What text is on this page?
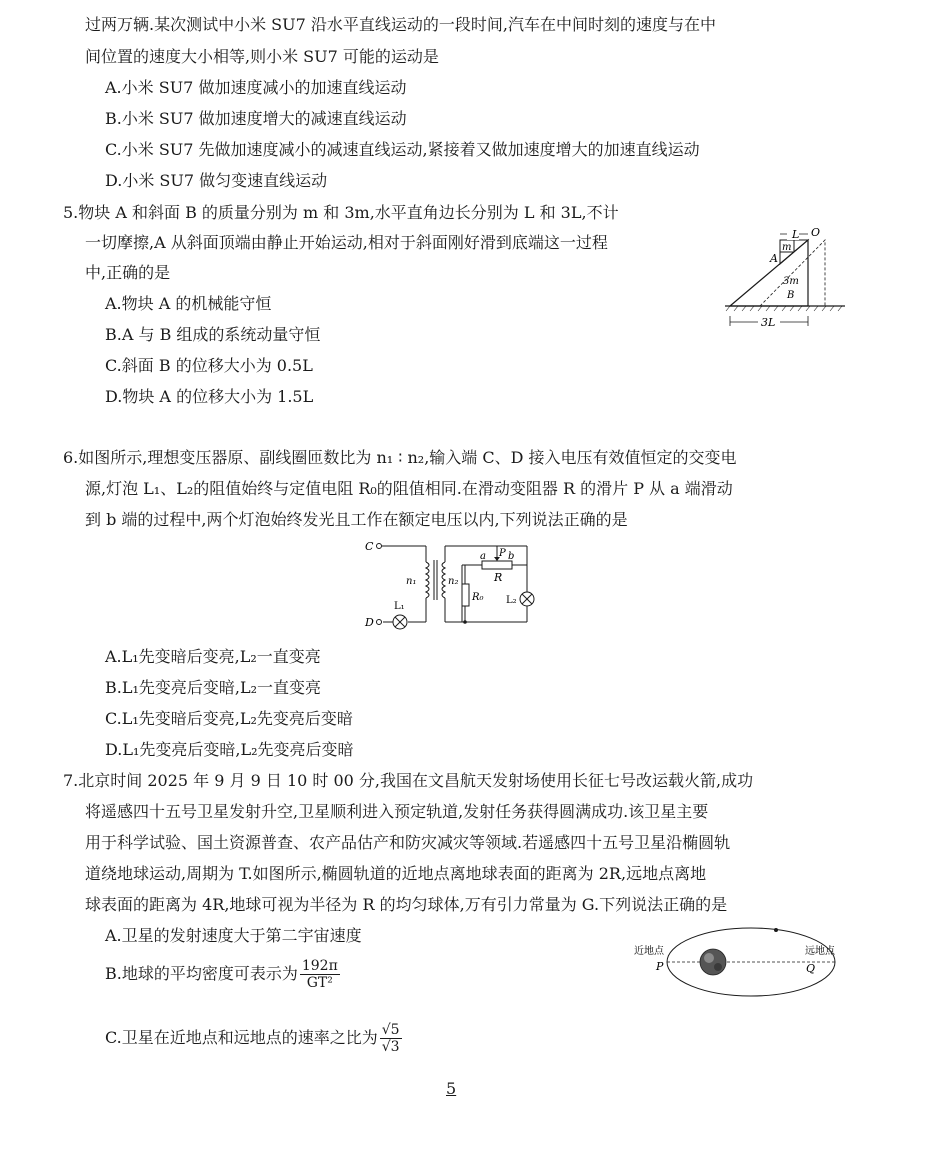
过两万辆.某次测试中小米 SU7 沿水平直线运动的一段时间,汽车在中间时刻的速度与在中
间位置的速度大小相等,则小米 SU7 可能的运动是
A.小米 SU7 做加速度减小的加速直线运动
B.小米 SU7 做加速度增大的减速直线运动
C.小米 SU7 先做加速度减小的减速直线运动,紧接着又做加速度增大的加速直线运动
D.小米 SU7 做匀变速直线运动
5.物块 A 和斜面 B 的质量分别为 m 和 3m,水平直角边长分别为 L 和 3L,不计
一切摩擦,A 从斜面顶端由静止开始运动,相对于斜面刚好滑到底端这一过程
中,正确的是
A.物块 A 的机械能守恒
B.A 与 B 组成的系统动量守恒
C.斜面 B 的位移大小为 0.5L
D.物块 A 的位移大小为 1.5L
L O
A
m
3m
B
3L
6.如图所示,理想变压器原、副线圈匝数比为 n₁ ∶ n₂,输入端 C、D 接入电压有效值恒定的交变电
源,灯泡 L₁、L₂的阻值始终与定值电阻 R₀的阻值相同.在滑动变阻器 R 的滑片 P 从 a 端滑动
到 b 端的过程中,两个灯泡始终发光且工作在额定电压以内,下列说法正确的是
C
D
n₁	n₂
L₁
L₂
R₀
R
a P b
A.L₁先变暗后变亮,L₂一直变亮
B.L₁先变亮后变暗,L₂一直变亮
C.L₁先变暗后变亮,L₂先变亮后变暗
D.L₁先变亮后变暗,L₂先变亮后变暗
7.北京时间 2025 年 9 月 9 日 10 时 00 分,我国在文昌航天发射场使用长征七号改运载火箭,成功
将遥感四十五号卫星发射升空,卫星顺利进入预定轨道,发射任务获得圆满成功.该卫星主要
用于科学试验、国土资源普查、农产品估产和防灾减灾等领域.若遥感四十五号卫星沿椭圆轨
道绕地球运动,周期为 T.如图所示,椭圆轨道的近地点离地球表面的距离为 2R,远地点离地
球表面的距离为 4R,地球可视为半径为 R 的均匀球体,万有引力常量为 G.下列说法正确的是
A.卫星的发射速度大于第二宇宙速度
B.地球的平均密度可表示为 $\frac{192\pi}{\text{GT²}}$
C.卫星在近地点和远地点的速率之比为 $\frac{√5}{√3}$
近地点	远地点
P	Q
5
